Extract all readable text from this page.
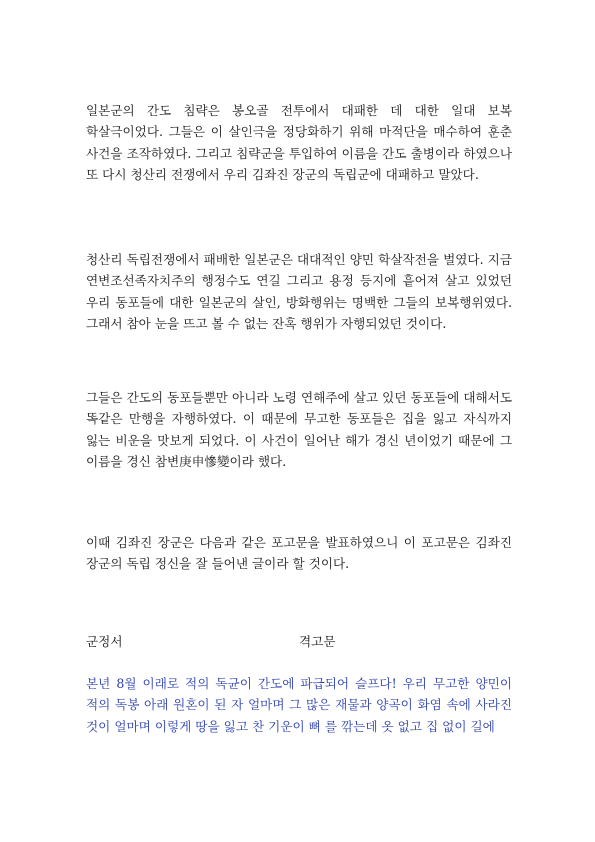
일본군의 간도 침략은 봉오골 전투에서 대패한 데 대한 일대 보복 학살극이었다. 그들은 이 살인극을 정당화하기 위해 마적단을 매수하여 훈춘 사건을 조작하였다. 그리고 침략군을 투입하여 이름을 간도 출병이라 하였으나 또 다시 청산리 전쟁에서 우리 김좌진 장군의 독립군에 대패하고 말았다.

청산리 독립전쟁에서 패배한 일본군은 대대적인 양민 학살작전을 벌였다. 지금 연변조선족자치주의 행정수도 연길 그리고 용정 등지에 흩어져 살고 있었던 우리 동포들에 대한 일본군의 살인, 방화행위는 명백한 그들의 보복행위였다. 그래서 참아 눈을 뜨고 볼 수 없는 잔혹 행위가 자행되었던 것이다.

그들은 간도의 동포들뿐만 아니라 노령 연해주에 살고 있던 동포들에 대해서도 똑같은 만행을 자행하였다. 이 때문에 무고한 동포들은 집을 잃고 자식까지 잃는 비운을 맛보게 되었다. 이 사건이 일어난 해가 경신 년이었기 때문에 그 이름을 경신 참변庚申慘變이라 했다.

이때 김좌진 장군은 다음과 같은 포고문을 발표하였으니 이 포고문은 김좌진 장군의 독립 정신을 잘 들어낸 글이라 할 것이다.

군정서	격고문

본년 8월 이래로 적의 독균이 간도에 파급되어 슬프다! 우리 무고한 양민이 적의 독봉 아래 원혼이 된 자 얼마며 그 많은 재물과 양곡이 화염 속에 사라진 것이 얼마며 이렇게 땅을 잃고 찬 기운이 뼈 를 깎는데 옷 없고 집 없이 길에
